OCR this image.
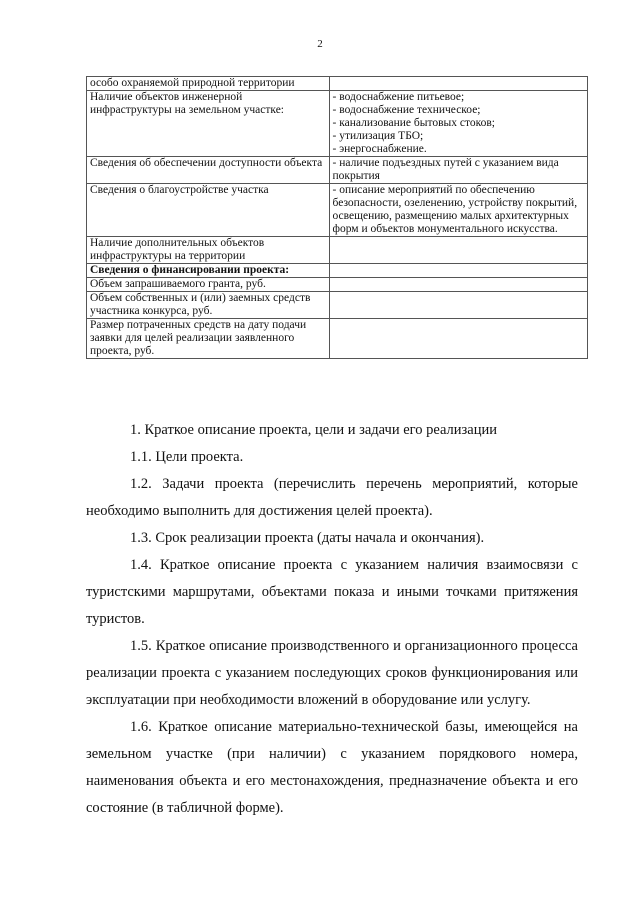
2
особо охраняемой природной территории	
Наличие объектов инженерной инфраструктуры на земельном участке:	- водоснабжение питьевое;
- водоснабжение техническое;
- канализование бытовых стоков;
- утилизация ТБО;
- энергоснабжение.

Сведения об обеспечении доступности объекта	- наличие подъездных путей с указанием вида покрытия

Сведения о благоустройстве участка	- описание мероприятий по обеспечению безопасности, озеленению, устройству покрытий, освещению, размещению малых архитектурных форм и объектов монументального искусства.

Наличие дополнительных объектов инфраструктуры на территории	
Сведения о финансировании проекта:	
Объем запрашиваемого гранта, руб.	
Объем собственных и (или) заемных средств участника конкурса, руб.	
Размер потраченных средств на дату подачи заявки для целей реализации заявленного проекта, руб.	

1. Краткое описание проекта, цели и задачи его реализации

1.1. Цели проекта.

1.2. Задачи проекта (перечислить перечень мероприятий, которые необходимо выполнить для достижения целей проекта).

1.3. Срок реализации проекта (даты начала и окончания).

1.4. Краткое описание проекта с указанием наличия взаимосвязи с туристскими маршрутами, объектами показа и иными точками притяжения туристов.

1.5. Краткое описание производственного и организационного процесса реализации проекта с указанием последующих сроков функционирования или эксплуатации при необходимости вложений в оборудование или услугу.

1.6. Краткое описание материально-технической базы, имеющейся на земельном участке (при наличии) с указанием порядкового номера, наименования объекта и его местонахождения, предназначение объекта и его состояние (в табличной форме).
